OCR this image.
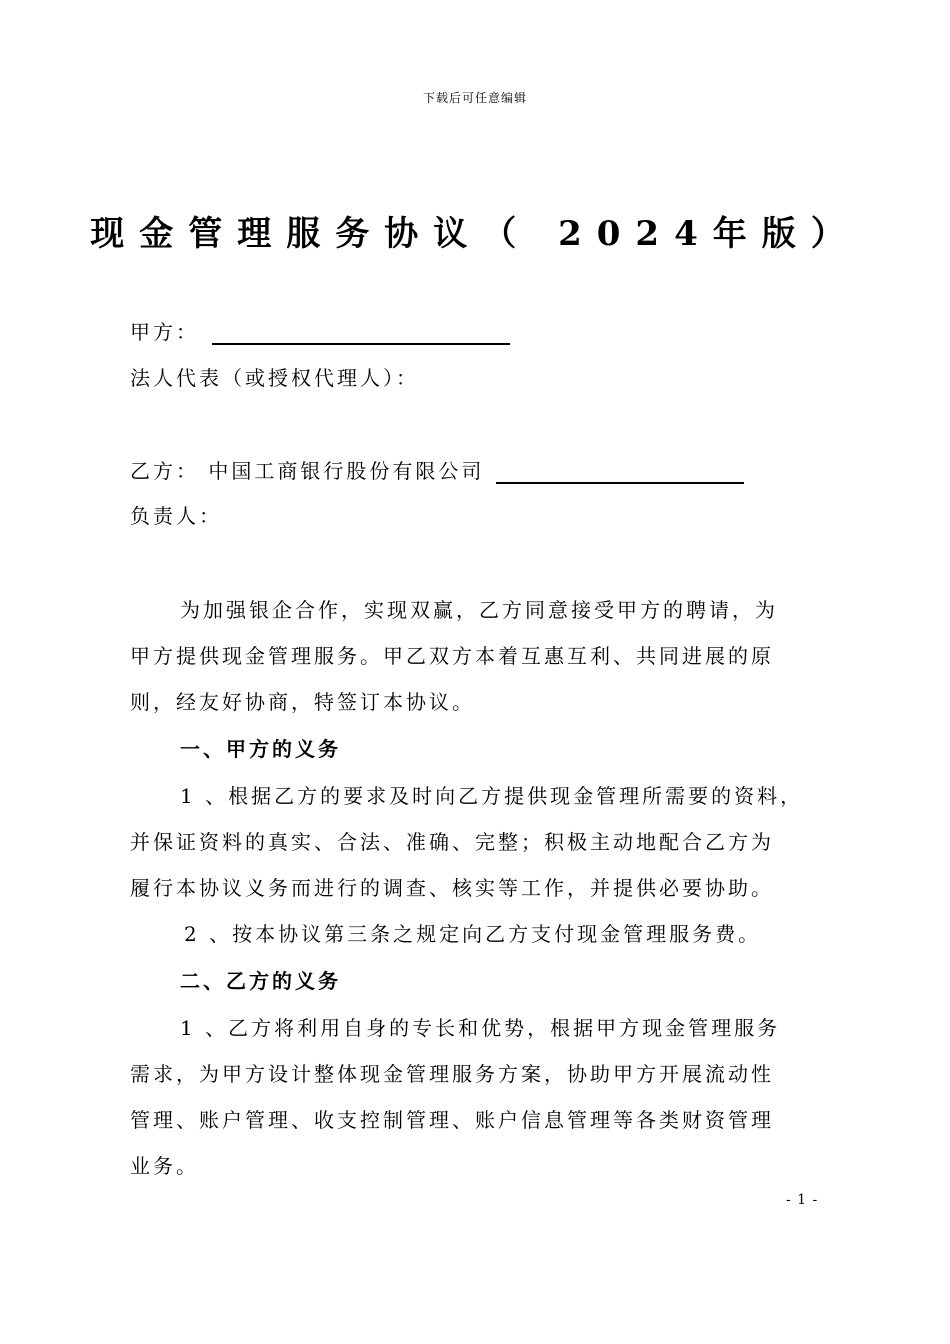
下载后可任意编辑
现金管理服务协议（ 2024年版）
甲方：
法人代表（或授权代理人）：
乙方： 中国工商银行股份有限公司
负责人：
为加强银企合作，实现双赢，乙方同意接受甲方的聘请，为
甲方提供现金管理服务。甲乙双方本着互惠互利、共同进展的原
则，经友好协商，特签订本协议。
一、甲方的义务
1 、根据乙方的要求及时向乙方提供现金管理所需要的资料，
并保证资料的真实、合法、准确、完整；积极主动地配合乙方为
履行本协议义务而进行的调查、核实等工作，并提供必要协助。
2 、按本协议第三条之规定向乙方支付现金管理服务费。
二、乙方的义务
1 、乙方将利用自身的专长和优势，根据甲方现金管理服务
需求，为甲方设计整体现金管理服务方案，协助甲方开展流动性
管理、账户管理、收支控制管理、账户信息管理等各类财资管理
业务。
- 1 -
